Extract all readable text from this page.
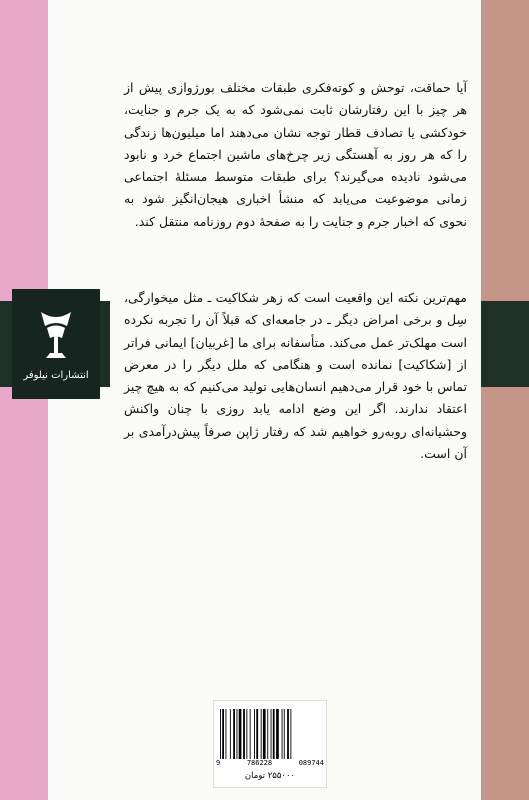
انتشارات نیلوفر

آیا حماقت، توحش و کوته‌فکری طبقات مختلف بورژوازی پیش از هر چیز با این رفتارشان ثابت نمی‌شود که به یک جرم و جنایت، خودکشی یا تصادف قطار توجه نشان می‌دهند اما میلیون‌ها زندگی را که هر روز به آهستگی زیر چرخ‌های ماشین اجتماع خرد و نابود می‌شود نادیده می‌گیرند؟ برای طبقات متوسط مسئلهٔ اجتماعی زمانی موضوعیت می‌یابد که منشأ اخباری هیجان‌انگیز شود به نحوی که اخبار جرم و جنایت را به صفحهٔ دوم روزنامه منتقل کند.

مهم‌ترین نکته این واقعیت است که زهر شکاکیت ـ مثل میخوارگی، سِل و برخی امراض دیگر ـ در جامعه‌ای که قبلاً آن را تجربه نکرده است مهلک‌تر عمل می‌کند. متأسفانه برای ما [غربیان] ایمانی فراتر از [شکاکیت] نمانده است و هنگامی که ملل دیگر را در معرض تماس با خود قرار می‌دهیم انسان‌هایی تولید می‌کنیم که به هیچ چیز اعتقاد ندارند. اگر این وضع ادامه یابد روزی با چنان واکنش وحشیانه‌ای روبه‌رو خواهیم شد که رفتار ژاپن صرفاً پیش‌درآمدی بر آن است.

9	786228	089744
۲۵۵۰۰۰ تومان
